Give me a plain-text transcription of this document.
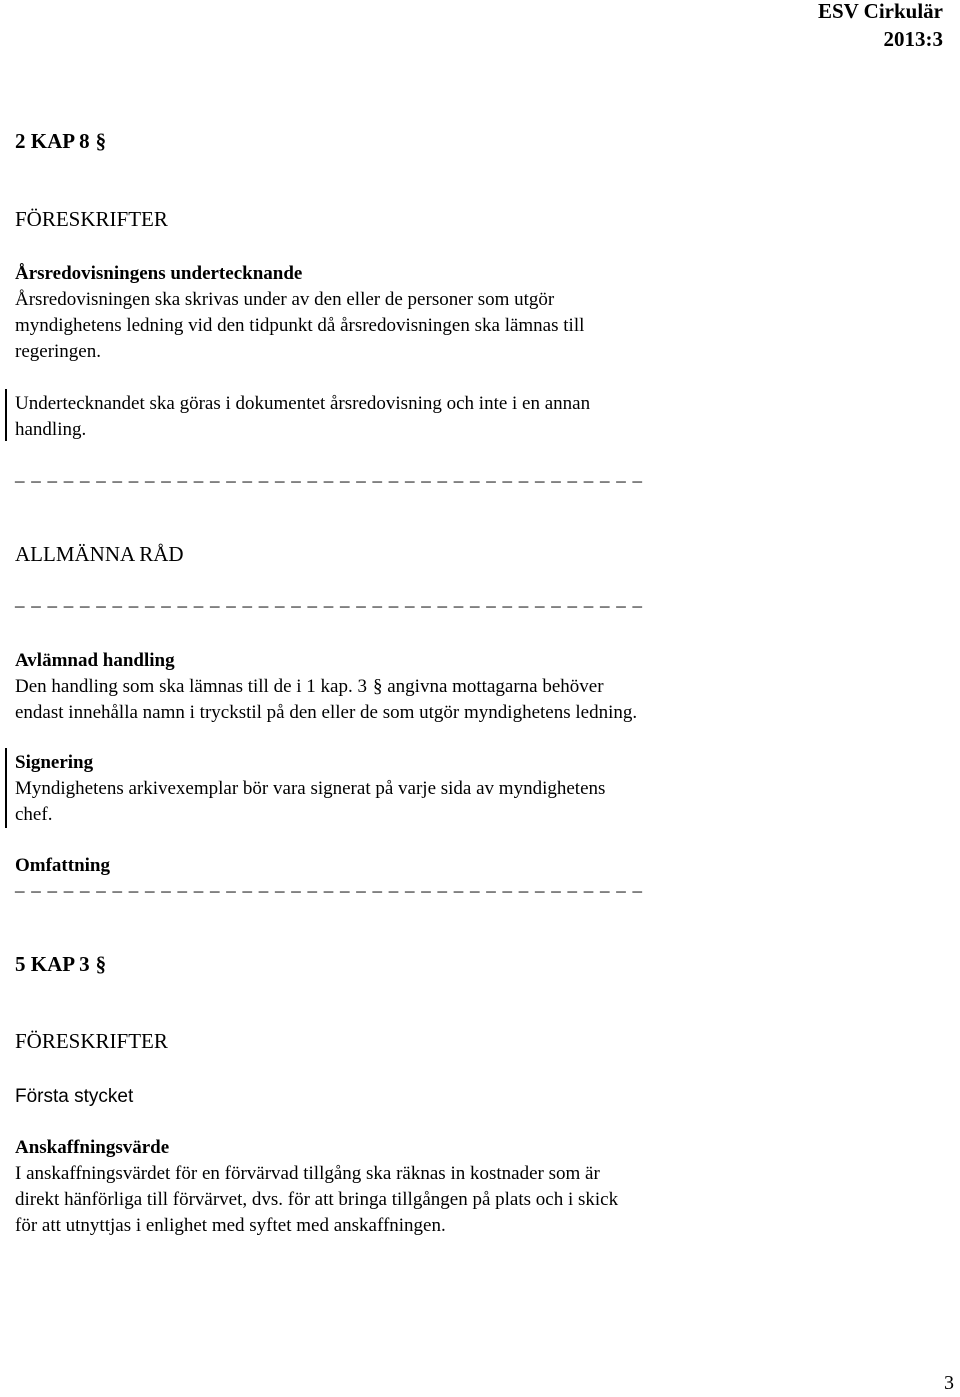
ESV Cirkulär
2013:3
2 KAP 8 §
FÖRESKRIFTER
Årsredovisningens undertecknande
Årsredovisningen ska skrivas under av den eller de personer som utgör
myndighetens ledning vid den tidpunkt då årsredovisningen ska lämnas till
regeringen.
Undertecknandet ska göras i dokumentet årsredovisning och inte i en annan
handling.
_ _ _ _ _ _ _ _ _ _ _ _ _ _ _ _ _ _ _ _ _ _ _ _ _ _ _ _ _ _ _ _ _ _ _ _ _ _ _
ALLMÄNNA RÅD
_ _ _ _ _ _ _ _ _ _ _ _ _ _ _ _ _ _ _ _ _ _ _ _ _ _ _ _ _ _ _ _ _ _ _ _ _ _ _
Avlämnad handling
Den handling som ska lämnas till de i 1 kap. 3 § angivna mottagarna behöver
endast innehålla namn i tryckstil på den eller de som utgör myndighetens ledning.
Signering
Myndighetens arkivexemplar bör vara signerat på varje sida av myndighetens
chef.
Omfattning
_ _ _ _ _ _ _ _ _ _ _ _ _ _ _ _ _ _ _ _ _ _ _ _ _ _ _ _ _ _ _ _ _ _ _ _ _ _ _
5 KAP 3 §
FÖRESKRIFTER
Första stycket
Anskaffningsvärde
I anskaffningsvärdet för en förvärvad tillgång ska räknas in kostnader som är
direkt hänförliga till förvärvet, dvs. för att bringa tillgången på plats och i skick
för att utnyttjas i enlighet med syftet med anskaffningen.
3
